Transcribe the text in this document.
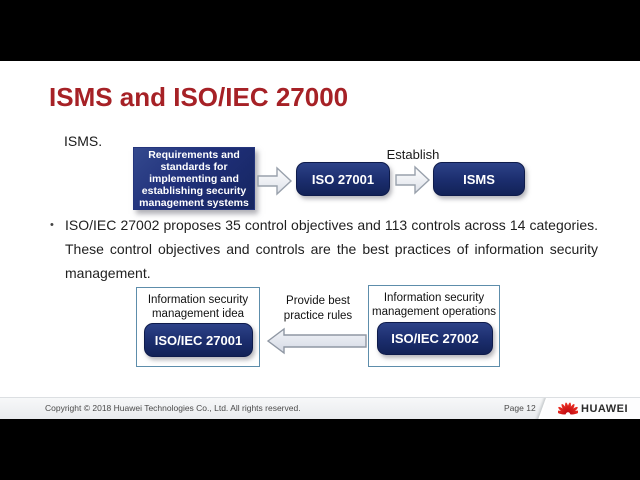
ISMS and ISO/IEC 27000
ISMS.
Requirements and standards for implementing and establishing security management systems
ISO 27001
Establish
ISMS
• ISO/IEC 27002 proposes 35 control objectives and 113 controls across 14 categories. These control objectives and controls are the best practices of information security management.
Information security management idea
ISO/IEC 27001
Provide best practice rules
Information security management operations
ISO/IEC 27002
Copyright © 2018 Huawei Technologies Co., Ltd. All rights reserved.	Page 12	HUAWEI
